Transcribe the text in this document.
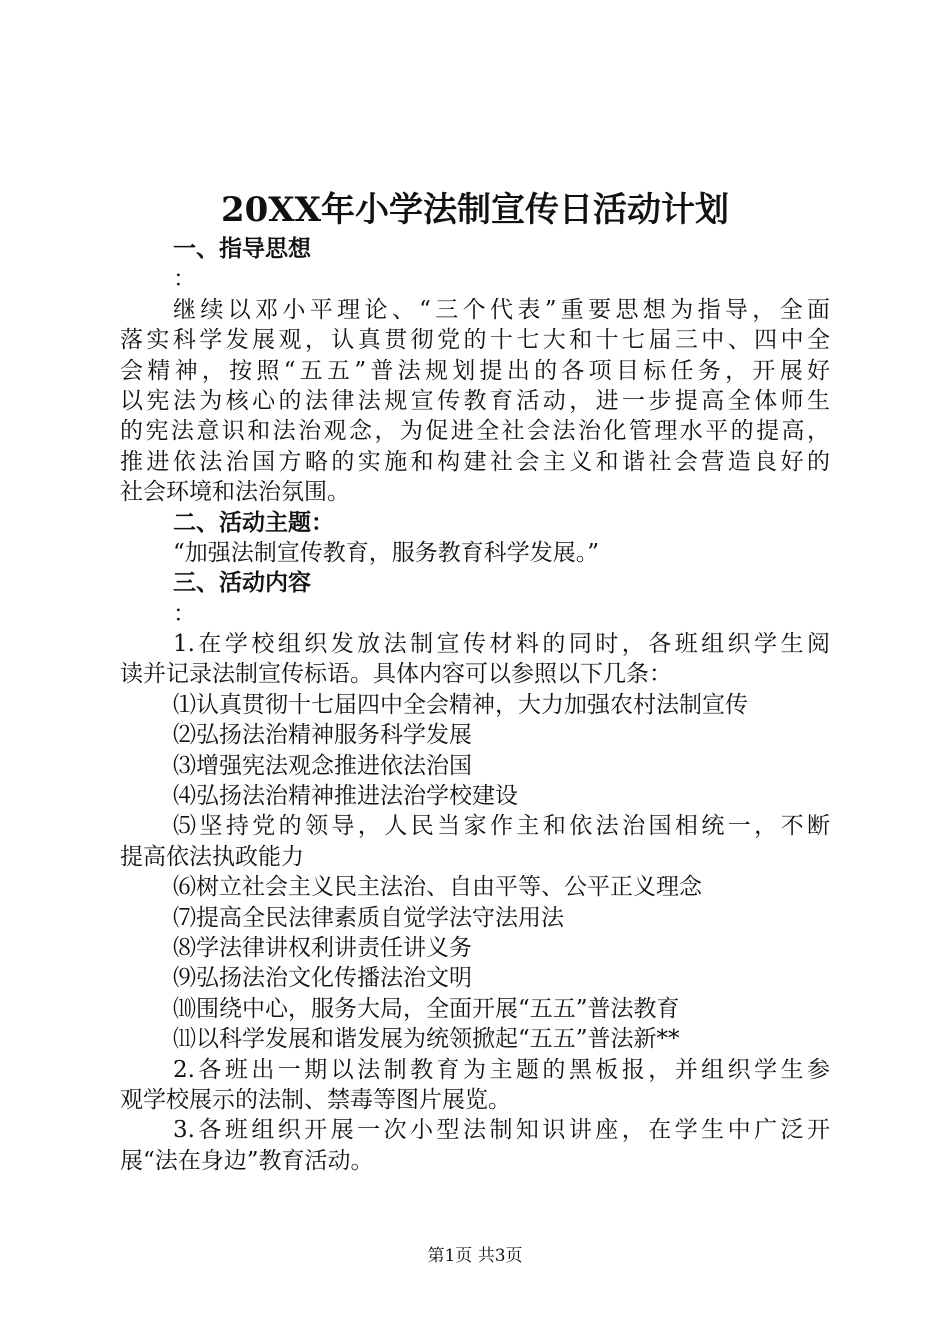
20XX年小学法制宣传日活动计划
一、指导思想
：
继续以邓小平理论、“三个代表”重要思想为指导，全面
落实科学发展观，认真贯彻党的十七大和十七届三中、四中全
会精神，按照“五五”普法规划提出的各项目标任务，开展好
以宪法为核心的法律法规宣传教育活动，进一步提高全体师生
的宪法意识和法治观念，为促进全社会法治化管理水平的提高，
推进依法治国方略的实施和构建社会主义和谐社会营造良好的
社会环境和法治氛围。
二、活动主题：
“加强法制宣传教育，服务教育科学发展。”
三、活动内容
：
1.在学校组织发放法制宣传材料的同时，各班组织学生阅
读并记录法制宣传标语。具体内容可以参照以下几条：
⑴认真贯彻十七届四中全会精神，大力加强农村法制宣传
⑵弘扬法治精神服务科学发展
⑶增强宪法观念推进依法治国
⑷弘扬法治精神推进法治学校建设
⑸坚持党的领导，人民当家作主和依法治国相统一，不断
提高依法执政能力
⑹树立社会主义民主法治、自由平等、公平正义理念
⑺提高全民法律素质自觉学法守法用法
⑻学法律讲权利讲责任讲义务
⑼弘扬法治文化传播法治文明
⑽围绕中心，服务大局，全面开展“五五”普法教育
⑾以科学发展和谐发展为统领掀起“五五”普法新**
2.各班出一期以法制教育为主题的黑板报，并组织学生参
观学校展示的法制、禁毒等图片展览。
3.各班组织开展一次小型法制知识讲座，在学生中广泛开
展“法在身边”教育活动。
第1页 共3页
